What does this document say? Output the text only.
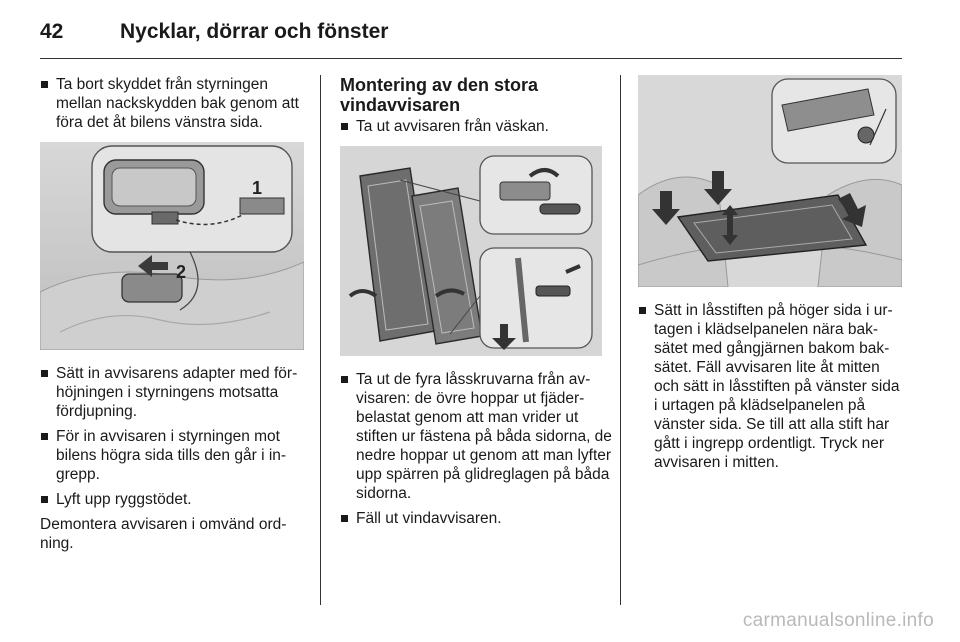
42	Nycklar, dörrar och fönster
Ta bort skyddet från styrningen mellan nackskydden bak genom att föra det åt bilens vänstra sida.
2
1
Sätt in avvisarens adapter med för-höjningen i styrningens motsatta fördjupning.
För in avvisaren i styrningen mot bilens högra sida tills den går i in-grepp.
Lyft upp ryggstödet.
Demontera avvisaren i omvänd ord-ning.
Montering av den stora vindavvisaren
Ta ut avvisaren från väskan.
Ta ut de fyra låsskruvarna från av-visaren: de övre hoppar ut fjäder-belastat genom att man vrider ut stiften ur fästena på båda sidorna, de nedre hoppar ut genom att man lyfter upp spärren på glidreglagen på båda sidorna.
Fäll ut vindavvisaren.
Sätt in låsstiften på höger sida i ur-tagen i klädselpanelen nära bak-sätet med gångjärnen bakom bak-sätet. Fäll avvisaren lite åt mitten och sätt in låsstiften på vänster sida i urtagen på klädselpanelen på vänster sida. Se till att alla stift har gått i ingrepp ordentligt. Tryck ner avvisaren i mitten.
carmanualsonline.info
